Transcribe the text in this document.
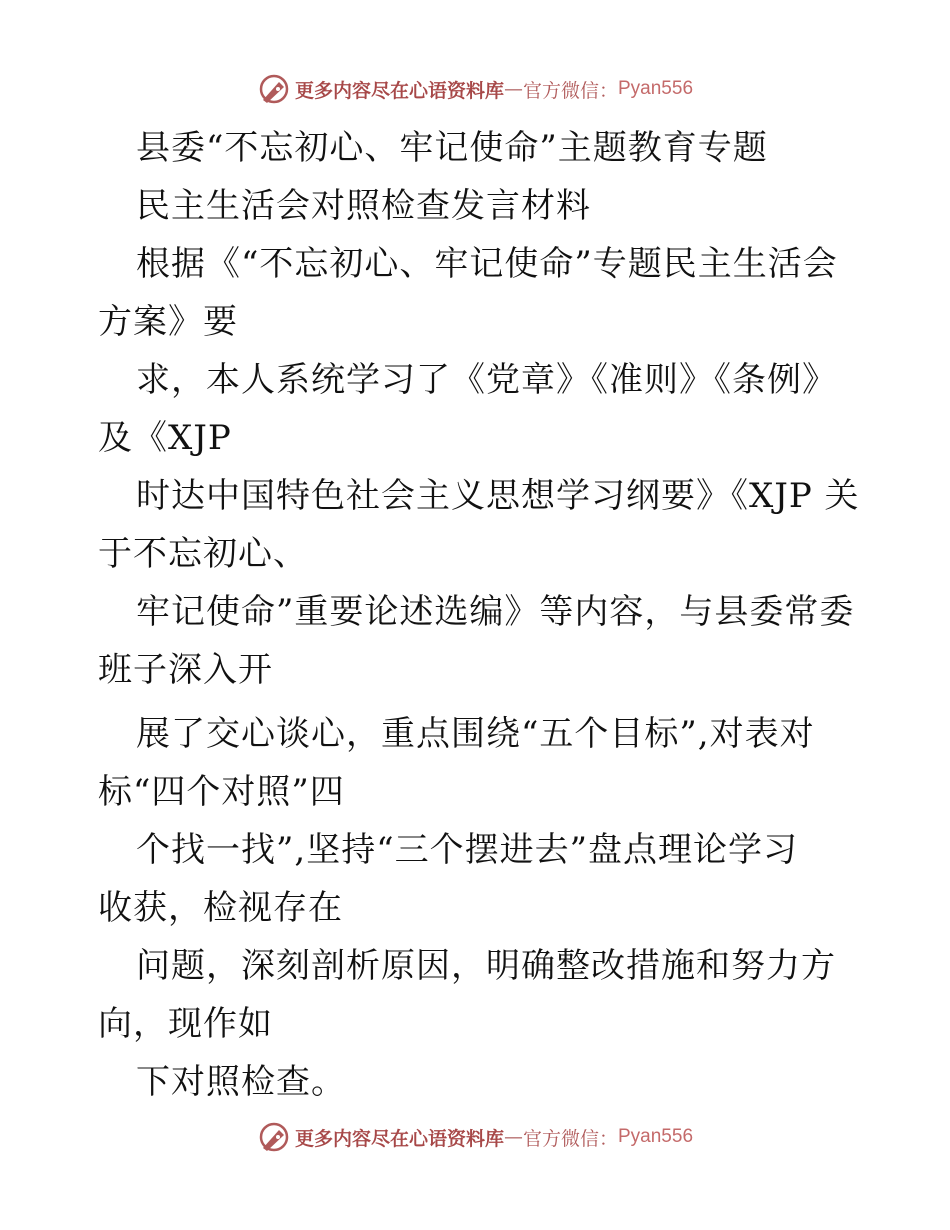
更多内容尽在心语资料库 — 官方微信： Pyan556
县委“不忘初心、牢记使命”主题教育专题
民主生活会对照检查发言材料
根据《“不忘初心、牢记使命”专题民主生活会
方案》要
求，本人系统学习了《党章》《准则》《条例》
及《XJP
时达中国特色社会主义思想学习纲要》《XJP 关
于不忘初心、
牢记使命”重要论述选编》等内容，与县委常委
班子深入开
展了交心谈心，重点围绕“五个目标”,对表对
标“四个对照”四
个找一找”,坚持“三个摆进去”盘点理论学习
收获，检视存在
问题，深刻剖析原因，明确整改措施和努力方
向，现作如
下对照检查。
更多内容尽在心语资料库 — 官方微信： Pyan556
